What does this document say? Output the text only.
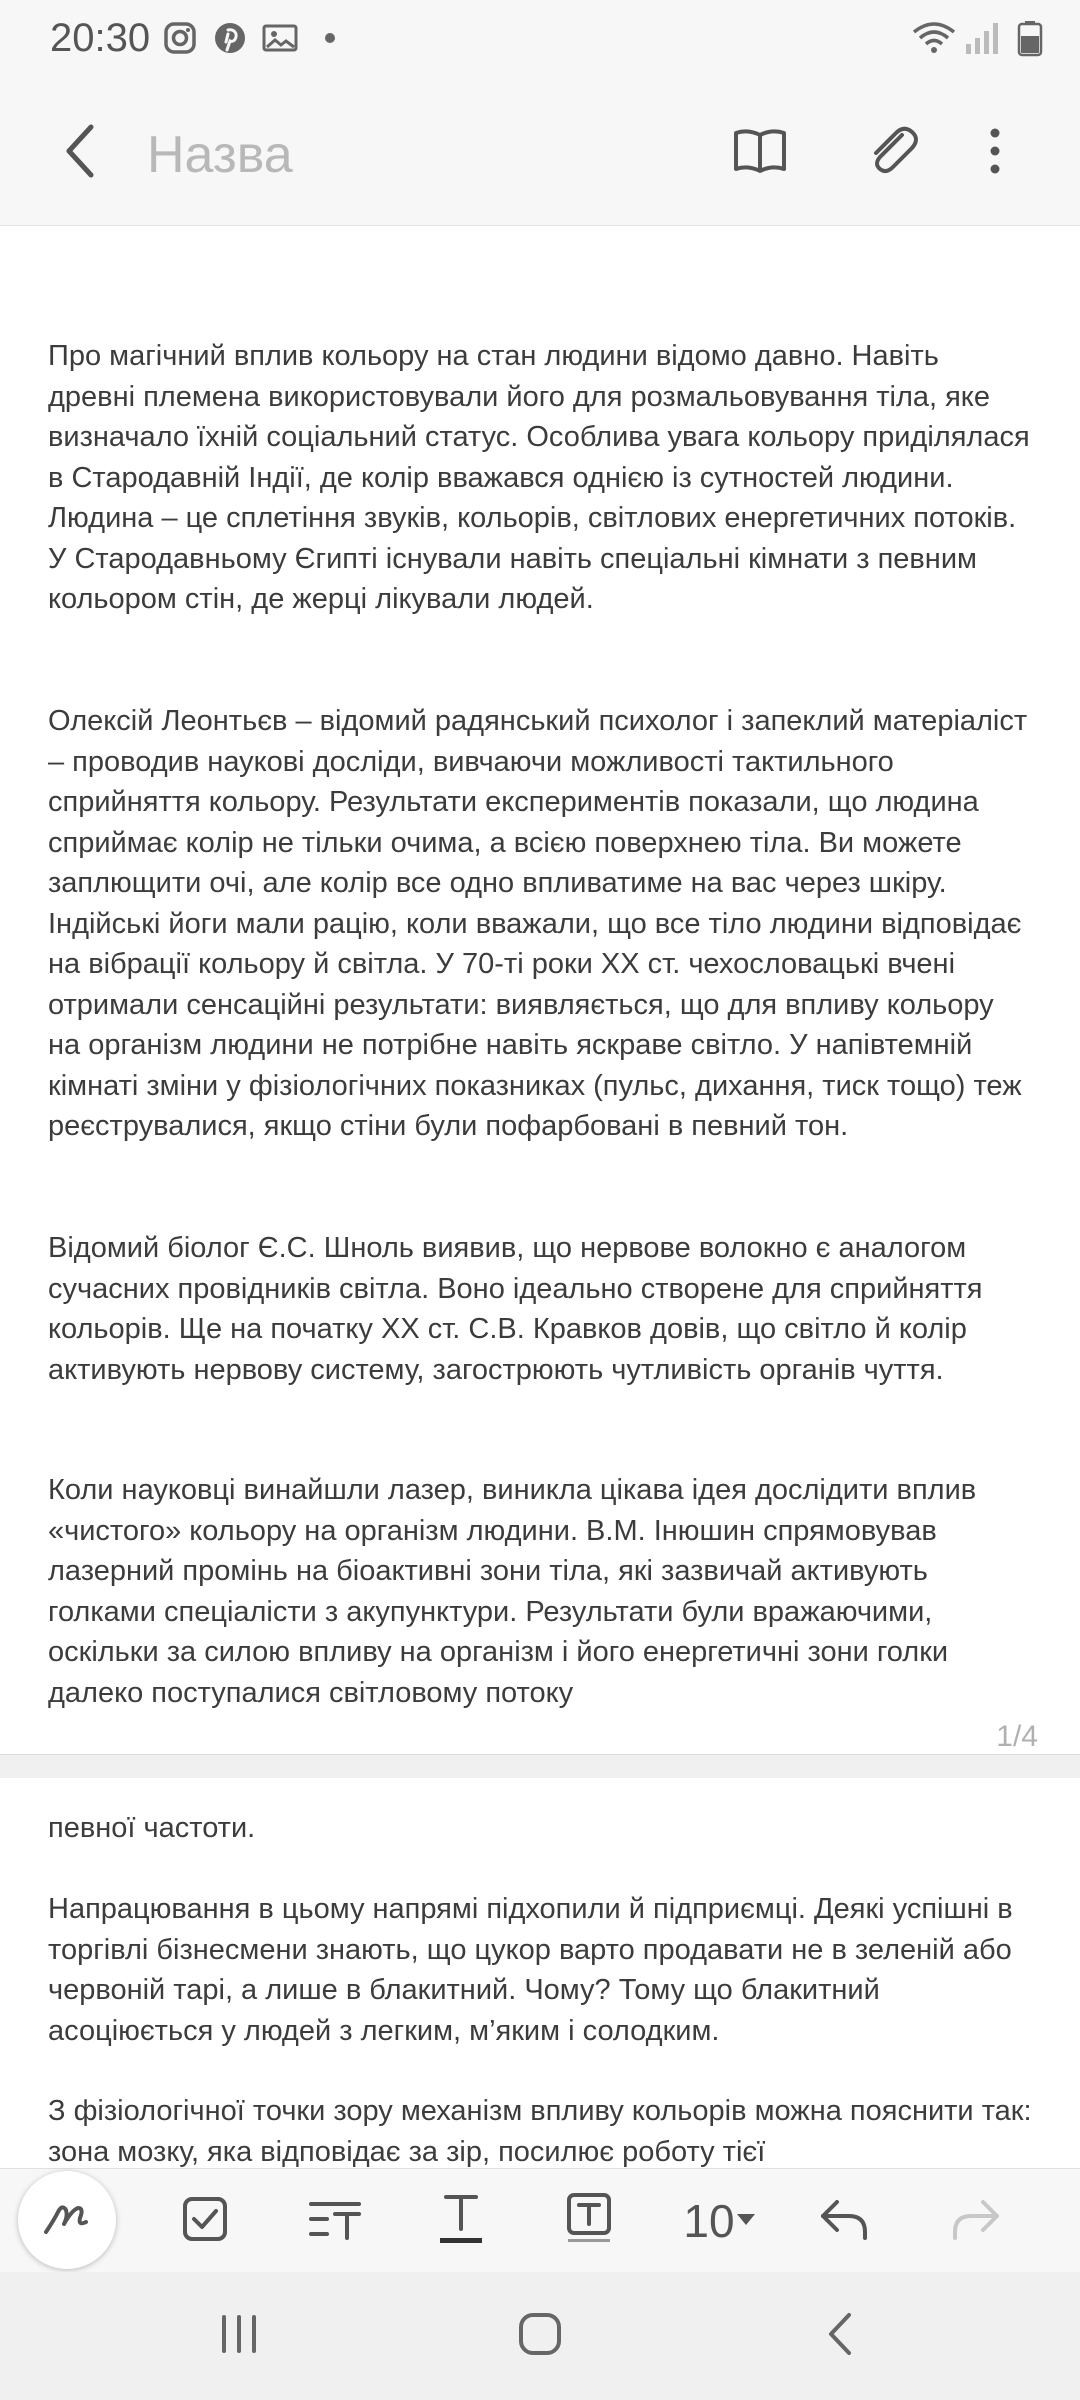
20:30
Назва

Про магічний вплив кольору на стан людини відомо давно. Навіть древні племена використовували його для розмальовування тіла, яке визначало їхній соціальний статус. Особлива увага кольору приділялася в Стародавній Індії, де колір вважався однією із сутностей людини. Людина – це сплетіння звуків, кольорів, світлових енергетичних потоків. У Стародавньому Єгипті існували навіть спеціальні кімнати з певним кольором стін, де жерці лікували людей.

Олексій Леонтьєв – відомий радянський психолог і запеклий матеріаліст – проводив наукові досліди, вивчаючи можливості тактильного сприйняття кольору. Результати експериментів показали, що людина сприймає колір не тільки очима, а всією поверхнею тіла. Ви можете заплющити очі, але колір все одно впливатиме на вас через шкіру. Індійські йоги мали рацію, коли вважали, що все тіло людини відповідає на вібрації кольору й світла. У 70-ті роки ХХ ст. чехословацькі вчені отримали сенсаційні результати: виявляється, що для впливу кольору на організм людини не потрібне навіть яскраве світло. У напівтемній кімнаті зміни у фізіологічних показниках (пульс, дихання, тиск тощо) теж реєструвалися, якщо стіни були пофарбовані в певний тон.

Відомий біолог Є.С. Шноль виявив, що нервове волокно є аналогом сучасних провідників світла. Воно ідеально створене для сприйняття кольорів. Ще на початку ХХ ст. С.В. Кравков довів, що світло й колір активують нервову систему, загострюють чутливість органів чуття.

Коли науковці винайшли лазер, виникла цікава ідея дослідити вплив «чистого» кольору на організм людини. В.М. Інюшин спрямовував лазерний промінь на біоактивні зони тіла, які зазвичай активують голками спеціалісти з акупунктури. Результати були вражаючими, оскільки за силою впливу на організм і його енергетичні зони голки далеко поступалися світловому потоку

1/4

певної частоти.

Напрацювання в цьому напрямі підхопили й підприємці. Деякі успішні в торгівлі бізнесмени знають, що цукор варто продавати не в зеленій або червоній тарі, а лише в блакитний. Чому? Тому що блакитний асоціюється у людей з легким, м’яким і солодким.

З фізіологічної точки зору механізм впливу кольорів можна пояснити так: зона мозку, яка відповідає за зір, посилює роботу тієї

10
